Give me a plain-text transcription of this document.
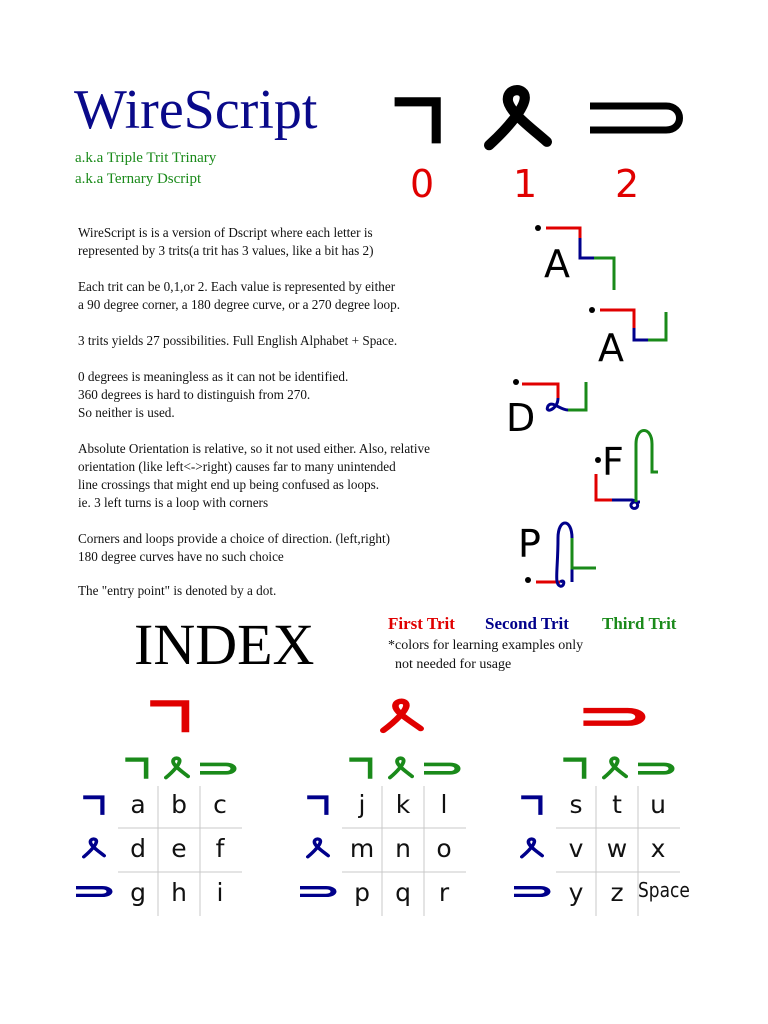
WireScript
a.k.a Triple Trit Trinary
a.k.a Ternary Dscript	0 1 2
WireScript is is a version of Dscript where each letter is
represented by 3 trits(a trit has 3 values, like a bit has 2)
Each trit can be 0,1,or 2. Each value is represented by either
a 90 degree corner, a 180 degree curve, or a 270 degree loop.
3 trits yields 27 possibilities. Full English Alphabet + Space.
0 degrees is meaningless as it can not be identified.
360 degrees is hard to distinguish from 270.
So neither is used.
Absolute Orientation is relative, so it not used either. Also, relative
orientation (like left<->right) causes far to many unintended
line crossings that might end up being confused as loops.
ie. 3 left turns is a loop with corners
Corners and loops provide a choice of direction. (left,right)
180 degree curves have no such choice
The "entry point" is denoted by a dot.
A
A
D
F
P
INDEX	First Trit Second Trit Third Trit
*colors for learning examples only
not needed for usage
a	b	c
d	e	f
g	h	i
j	k	l
m n	o
p	q	r
s	t	u
v w x
y	z Space
